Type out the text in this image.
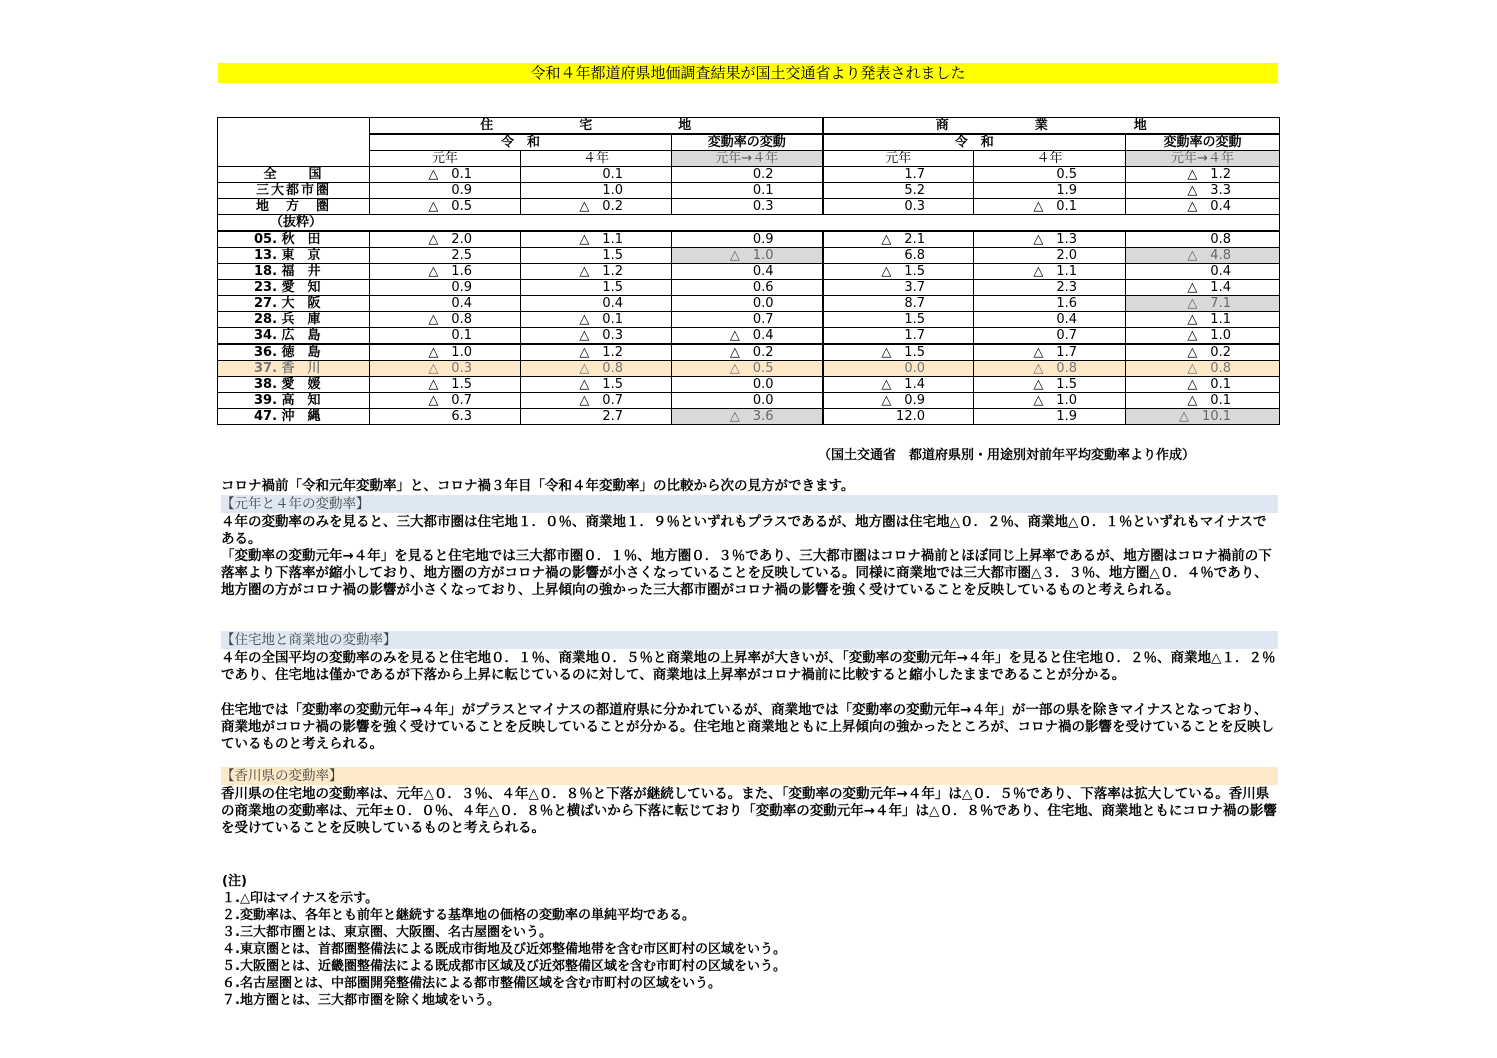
令和４年都道府県地価調査結果が国土交通省より発表されました
	住　　宅　　地			商　　業　　地		
	令　和		変動率の変動	令　和		変動率の変動
	元年	４年	元年→４年	元年	４年	元年→４年
全　　国	△　0.1	0.1	0.2	1.7	0.5	△　1.2
三大都市圏	0.9	1.0	0.1	5.2	1.9	△　3.3
地　方　圏	△　0.5	△　0.2	0.3	0.3	△　0.1	△　0.4
（抜粋）						
05. 秋　田	△　2.0	△　1.1	0.9	△　2.1	△　1.3	0.8
13. 東　京	2.5	1.5	△　1.0	6.8	2.0	△　4.8
18. 福　井	△　1.6	△　1.2	0.4	△　1.5	△　1.1	0.4
23. 愛　知	0.9	1.5	0.6	3.7	2.3	△　1.4
27. 大　阪	0.4	0.4	0.0	8.7	1.6	△　7.1
28. 兵　庫	△　0.8	△　0.1	0.7	1.5	0.4	△　1.1
34. 広　島	0.1	△　0.3	△　0.4	1.7	0.7	△　1.0
36. 徳　島	△　1.0	△　1.2	△　0.2	△　1.5	△　1.7	△　0.2
37. 香　川	△　0.3	△　0.8	△　0.5	0.0	△　0.8	△　0.8
38. 愛　媛	△　1.5	△　1.5	0.0	△　1.4	△　1.5	△　0.1
39. 高　知	△　0.7	△　0.7	0.0	△　0.9	△　1.0	△　0.1
47. 沖　縄	6.3	2.7	△　3.6	12.0	1.9	△　10.1
（国土交通省　都道府県別・用途別対前年平均変動率より作成）
コロナ禍前「令和元年変動率」と、コロナ禍３年目「令和４年変動率」の比較から次の見方ができます。
【元年と４年の変動率】
４年の変動率のみを見ると、三大都市圏は住宅地１．０％、商業地１．９％といずれもプラスであるが、地方圏は住宅地△０．２％、商業地△０．１％といずれもマイナスである。
「変動率の変動元年→４年」を見ると住宅地では三大都市圏０．１％、地方圏０．３％であり、三大都市圏はコロナ禍前とほぼ同じ上昇率であるが、地方圏はコロナ禍前の下落率より下落率が縮小しており、地方圏の方がコロナ禍の影響が小さくなっていることを反映している。同様に商業地では三大都市圏△３．３％、地方圏△０．４％であり、地方圏の方がコロナ禍の影響が小さくなっており、上昇傾向の強かった三大都市圏がコロナ禍の影響を強く受けていることを反映しているものと考えられる。
【住宅地と商業地の変動率】
４年の全国平均の変動率のみを見ると住宅地０．１％、商業地０．５％と商業地の上昇率が大きいが、「変動率の変動元年→４年」を見ると住宅地０．２％、商業地△１．２％であり、住宅地は僅かであるが下落から上昇に転じているのに対して、商業地は上昇率がコロナ禍前に比較すると縮小したままであることが分かる。
住宅地では「変動率の変動元年→４年」がプラスとマイナスの都道府県に分かれているが、商業地では「変動率の変動元年→４年」が一部の県を除きマイナスとなっており、商業地がコロナ禍の影響を強く受けていることを反映していることが分かる。住宅地と商業地ともに上昇傾向の強かったところが、コロナ禍の影響を受けていることを反映しているものと考えられる。
【香川県の変動率】
香川県の住宅地の変動率は、元年△０．３％、４年△０．８％と下落が継続している。また、「変動率の変動元年→４年」は△０．５％であり、下落率は拡大している。香川県の商業地の変動率は、元年±０．０％、４年△０．８％と横ばいから下落に転じており「変動率の変動元年→４年」は△０．８％であり、住宅地、商業地ともにコロナ禍の影響を受けていることを反映しているものと考えられる。
(注)
１.△印はマイナスを示す。
２.変動率は、各年とも前年と継続する基準地の価格の変動率の単純平均である。
３.三大都市圏とは、東京圏、大阪圏、名古屋圏をいう。
４.東京圏とは、首都圏整備法による既成市街地及び近郊整備地帯を含む市区町村の区域をいう。
５.大阪圏とは、近畿圏整備法による既成都市区域及び近郊整備区域を含む市町村の区域をいう。
６.名古屋圏とは、中部圏開発整備法による都市整備区域を含む市町村の区域をいう。
７.地方圏とは、三大都市圏を除く地域をいう。
